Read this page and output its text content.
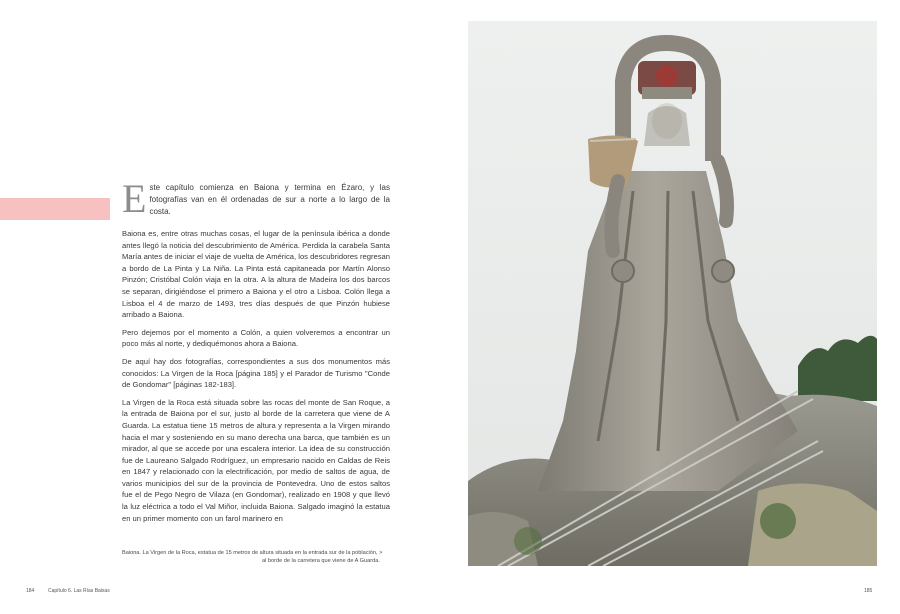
Este capítulo comienza en Baiona y termina en Ézaro, y las fotografías van en él ordenadas de sur a norte a lo largo de la costa.

Baiona es, entre otras muchas cosas, el lugar de la península ibérica a donde antes llegó la noticia del descubrimiento de América. Perdida la carabela Santa María antes de iniciar el viaje de vuelta de América, los descubridores regresan a bordo de La Pinta y La Niña. La Pinta está capitaneada por Martín Alonso Pinzón; Cristóbal Colón viaja en la otra. A la altura de Madeira los dos barcos se separan, dirigiéndose el primero a Baiona y el otro a Lisboa. Colón llega a Lisboa el 4 de marzo de 1493, tres días después de que Pinzón hubiese arribado a Baiona.

Pero dejemos por el momento a Colón, a quien volveremos a encontrar un poco más al norte, y dediquémonos ahora a Baiona.

De aquí hay dos fotografías, correspondientes a sus dos monumentos más conocidos: La Virgen de la Roca [página 185] y el Parador de Turismo "Conde de Gondomar" [páginas 182-183].

La Virgen de la Roca está situada sobre las rocas del monte de San Roque, a la entrada de Baiona por el sur, justo al borde de la carretera que viene de A Guarda. La estatua tiene 15 metros de altura y representa a la Virgen mirando hacia el mar y sosteniendo en su mano derecha una barca, que también es un mirador, al que se accede por una escalera interior. La idea de su construcción fue de Laureano Salgado Rodríguez, un empresario nacido en Caldas de Reis en 1847 y relacionado con la electrificación, por medio de saltos de agua, de varios municipios del sur de la provincia de Pontevedra. Uno de estos saltos fue el de Pego Negro de Vilaza (en Gondomar), realizado en 1908 y que llevó la luz eléctrica a todo el Val Miñor, incluida Baiona. Salgado imaginó la estatua en un primer momento con un farol marinero en

Baiona. La Virgen de la Roca, estatua de 15 metros de altura situada en la entrada sur de la población, >
al borde de la carretera que viene de A Guarda.
184	Capítulo 6. Las Rías Baixas	185
